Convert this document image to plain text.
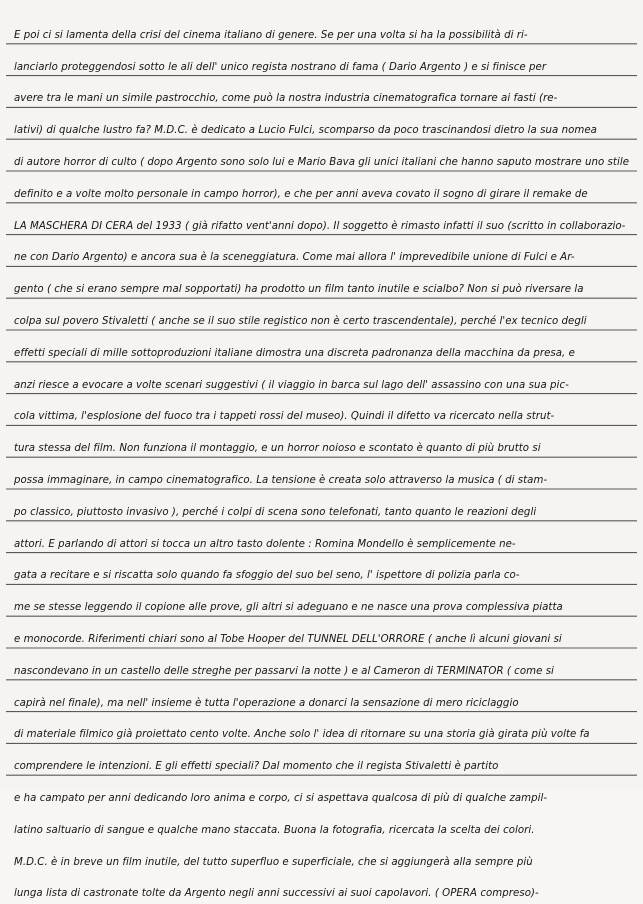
E poi ci si lamenta della crisi del cinema italiano di genere. Se per una volta si ha la possibilità di ri-
lanciarlo proteggendosi sotto le ali dell' unico regista nostrano di fama ( Dario Argento ) e si finisce per
avere tra le mani un simile pastrocchio, come può la nostra industria cinematografica tornare ai fasti (re-
lativi) di qualche lustro fa? M.D.C. è dedicato a Lucio Fulci, scomparso da poco trascinandosi dietro la sua nomea
di autore horror di culto ( dopo Argento sono solo lui e Mario Bava gli unici italiani che hanno saputo mostrare uno stile
definito e a volte molto personale in campo horror), e che per anni aveva covato il sogno di girare il remake de
LA MASCHERA DI CERA del 1933 ( già rifatto vent'anni dopo). Il soggetto è rimasto infatti il suo (scritto in collaborazio-
ne con Dario Argento) e ancora sua è la sceneggiatura. Come mai allora l' imprevedibile unione di Fulci e Ar-
gento ( che si erano sempre mal sopportati) ha prodotto un film tanto inutile e scialbo? Non si può riversare la
colpa sul povero Stivaletti ( anche se il suo stile registico non è certo trascendentale), perché l'ex tecnico degli
effetti speciali di mille sottoproduzioni italiane dimostra una discreta padronanza della macchina da presa, e
anzi riesce a evocare a volte scenari suggestivi ( il viaggio in barca sul lago dell' assassino con una sua pic-
cola vittima, l'esplosione del fuoco tra i tappeti rossi del museo). Quindi il difetto va ricercato nella strut-
tura stessa del film. Non funziona il montaggio, e un horror noioso e scontato è quanto di più brutto si
possa immaginare, in campo cinematografico. La tensione è creata solo attraverso la musica ( di stam-
po classico, piuttosto invasivo ), perché i colpi di scena sono telefonati, tanto quanto le reazioni degli
attori. E parlando di attori si tocca un altro tasto dolente : Romina Mondello è semplicemente ne-
gata a recitare e si riscatta solo quando fa sfoggio del suo bel seno, l' ispettore di polizia parla co-
me se stesse leggendo il copione alle prove, gli altri si adeguano e ne nasce una prova complessiva piatta
e monocorde. Riferimenti chiari sono al Tobe Hooper del TUNNEL DELL'ORRORE ( anche lì alcuni giovani si
nascondevano in un castello delle streghe per passarvi la notte ) e al Cameron di TERMINATOR ( come si
capirà nel finale), ma nell' insieme è tutta l'operazione a donarci la sensazione di mero riciclaggio
di materiale filmico già proiettato cento volte. Anche solo l' idea di ritornare su una storia già girata più volte fa
comprendere le intenzioni. E gli effetti speciali? Dal momento che il regista Stivaletti è partito
e ha campato per anni dedicando loro anima e corpo, ci si aspettava qualcosa di più di qualche zampil-
latino saltuario di sangue e qualche mano staccata. Buona la fotografia, ricercata la scelta dei colori.
M.D.C. è in breve un film inutile, del tutto superfluo e superficiale, che si aggiungerà alla sempre più
lunga lista di castronate tolte da Argento negli anni successivi ai suoi capolavori. ( OPERA compreso)-
